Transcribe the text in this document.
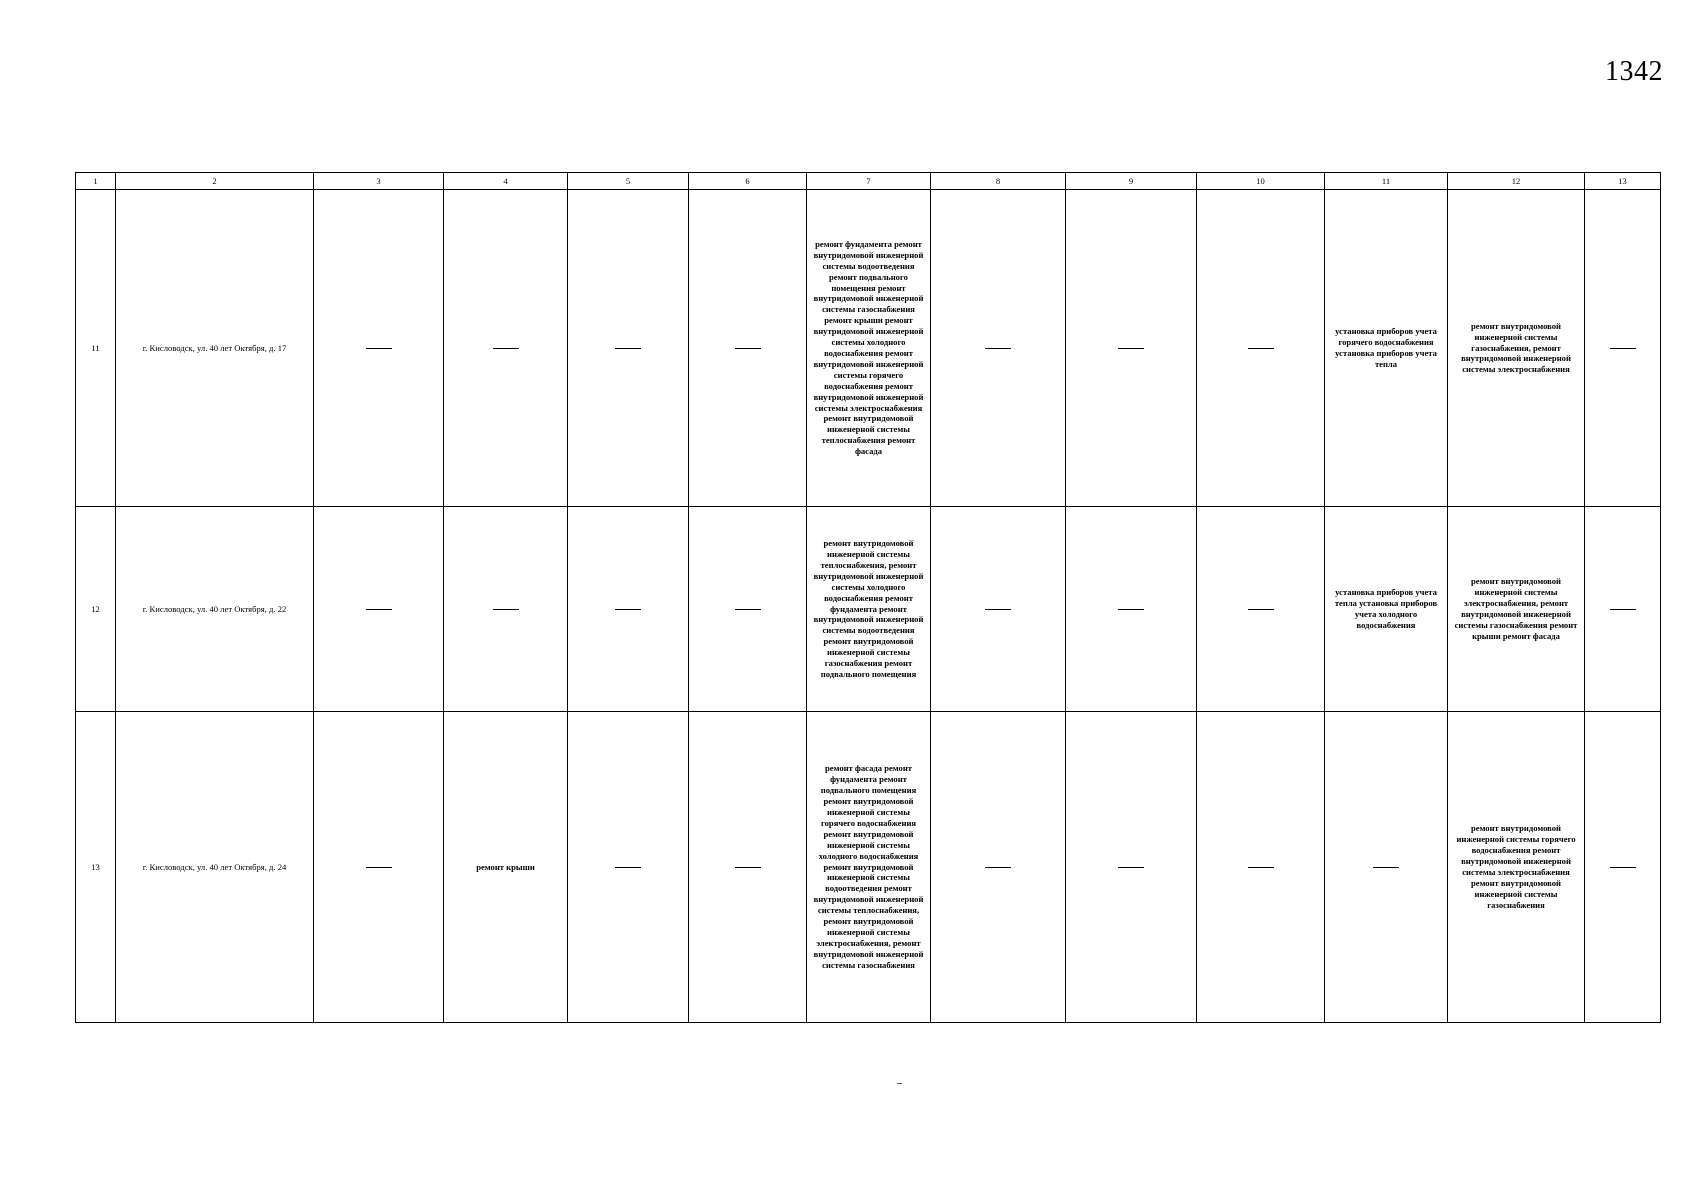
1342
1	2	3	4	5	6	7	8	9	10	11	12	13
11	г. Кисловодск, ул. 40 лет Октября, д. 17					ремонт фундамента ремонт внутридомовой инженерной системы водоотведения ремонт подвального помещения ремонт внутридомовой инженерной системы газоснабжения ремонт крыши ремонт внутридомовой инженерной системы холодного водоснабжения ремонт внутридомовой инженерной системы горячего водоснабжения ремонт внутридомовой инженерной системы электроснабжения ремонт внутридомовой инженерной системы теплоснабжения ремонт фасада				установка приборов учета горячего водоснабжения установка приборов учета тепла	ремонт внутридомовой инженерной системы газоснабжения, ремонт внутридомовой инженерной системы электроснабжения	
12	г. Кисловодск, ул. 40 лет Октября, д. 22					ремонт внутридомовой инженерной системы теплоснабжения, ремонт внутридомовой инженерной системы холодного водоснабжения ремонт фундамента ремонт внутридомовой инженерной системы водоотведения ремонт внутридомовой инженерной системы газоснабжения ремонт подвального помещения				установка приборов учета тепла установка приборов учета холодного водоснабжения	ремонт внутридомовой инженерной системы электроснабжения, ремонт внутридомовой инженерной системы газоснабжения ремонт крыши ремонт фасада	
13	г. Кисловодск, ул. 40 лет Октября, д. 24		ремонт крыши			ремонт фасада ремонт фундамента ремонт подвального помещения ремонт внутридомовой инженерной системы горячего водоснабжения ремонт внутридомовой инженерной системы холодного водоснабжения ремонт внутридомовой инженерной системы водоотведения ремонт внутридомовой инженерной системы теплоснабжения, ремонт внутридомовой инженерной системы электроснабжения, ремонт внутридомовой инженерной системы газоснабжения					ремонт внутридомовой инженерной системы горячего водоснабжения ремонт внутридомовой инженерной системы электроснабжения ремонт внутридомовой инженерной системы газоснабжения	
